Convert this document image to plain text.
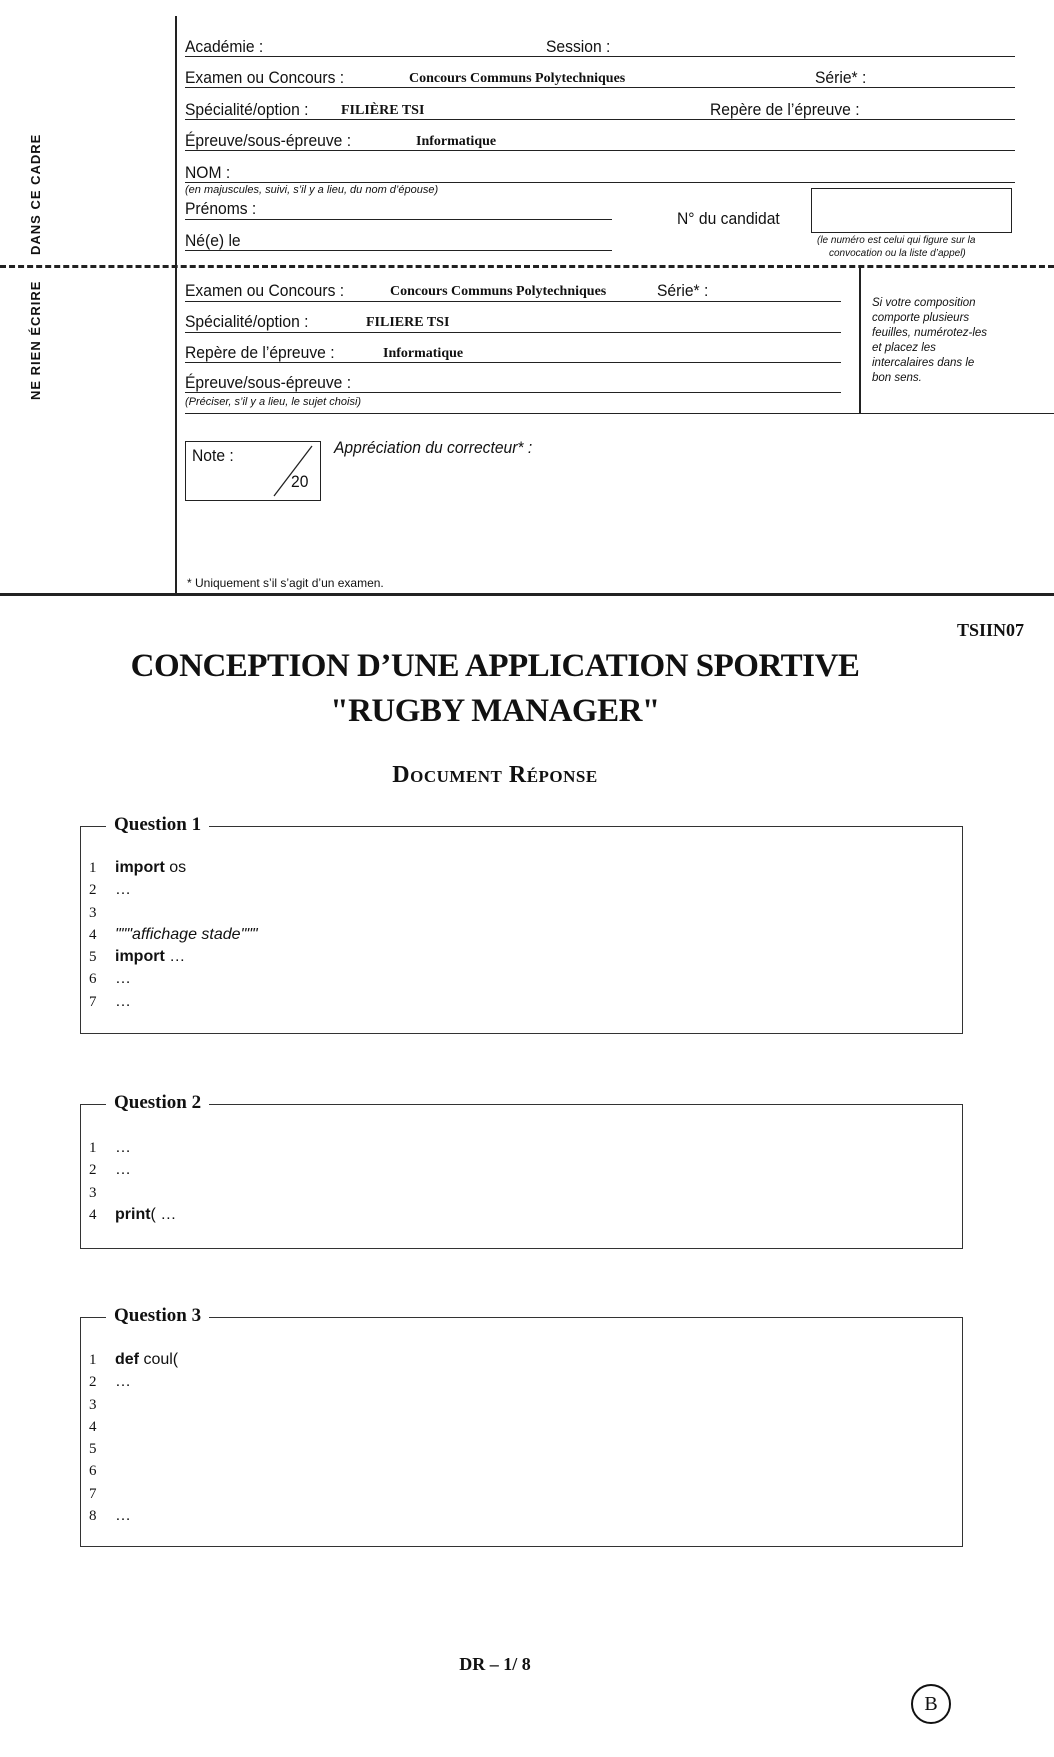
DANS CE CADRE
NE RIEN ÉCRIRE
Académie :	Session :
Examen ou Concours :	Concours Communs Polytechniques	Série* :
Spécialité/option : FILIÈRE TSI	Repère de l’épreuve :
Épreuve/sous-épreuve :	Informatique
NOM :
(en majuscules, suivi, s’il y a lieu, du nom d’épouse)
Prénoms :
Né(e) le
N° du candidat
(le numéro est celui qui figure sur la
convocation ou la liste d’appel)
Examen ou Concours :	Concours Communs Polytechniques	Série* :
Spécialité/option :	FILIERE TSI
Repère de l’épreuve :	Informatique
Épreuve/sous-épreuve :
(Préciser, s’il y a lieu, le sujet choisi)
Si votre composition
comporte plusieurs
feuilles, numérotez-les
et placez les
intercalaires dans le
bon sens.
Note :
20
Appréciation du correcteur* :
* Uniquement s’il s’agit d’un examen.
TSIIN07
CONCEPTION D’UNE APPLICATION SPORTIVE
"RUGBY MANAGER"
Document Réponse
Question 1
1 import os
2 …
3
4 """affichage stade"""
5 import …
6 …
7 …
Question 2
1 …
2 …
3
4 print( …
Question 3
1 def coul(
2 …
3
4
5
6
7
8 …
DR – 1/ 8
B
